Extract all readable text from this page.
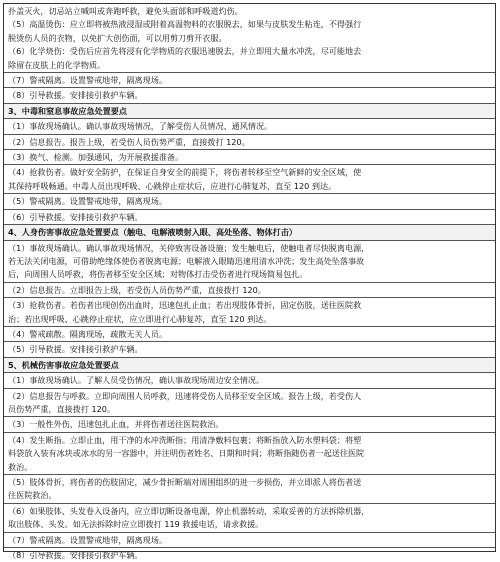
扑盖灭火，切忌站立喊叫或奔跑呼救，避免头面部和呼吸道灼伤。
（5）高温烫伤：应立即将被热液浸湿或附着高温物料的衣服脱去，如果与皮肤发生粘连，不得强行
脱烫伤人员的衣物，以免扩大创伤面，可以用剪刀剪开衣服。
（6）化学烧伤：受伤后应首先将浸有化学物质的衣服迅速脱去，并立即用大量水冲洗，尽可能地去
除留在皮肤上的化学物质。
（7）警戒隔离。设置警戒地带，隔离现场。
（8）引导救援。安排接引救护车辆。
3、中毒和窒息事故应急处置要点
（1）事故现场确认。确认事故现场情况，了解受伤人员情况、通风情况。
（2）信息报告。报告上级，若受伤人员伤势严重，直接拨打 120。
（3）换气、检测。加强通风，为开展救援准备。
（4）抢救伤者。做好安全防护，在保证自身安全的前提下，将伤者转移至空气新鲜的安全区域，使
其保持呼吸畅通。中毒人员出现呼吸、心跳停止症状后，应进行心肺复苏，直至 120 到达。
（5）警戒隔离。设置警戒地带，隔离现场。
（6）引导救援。安排接引救护车辆。
4、人身伤害事故应急处置要点（触电、电解液喷射入眼、高处坠落、物体打击）
（1）事故现场确认。确认事故现场情况，关停致害设备设施；发生触电后，使触电者尽快脱离电源，
若无法关闭电源，可借助绝缘体使伤者脱离电源；电解液入眼睛迅速用清水冲洗；发生高处坠落事故
后，向周围人员呼救，将伤者移至安全区域；对物体打击受伤者进行现场简易包扎。
（2）信息报告。立即报告上级，若受伤人员伤势严重，直接拨打 120。
（3）抢救伤者。若伤者出现创伤出血时，迅速包扎止血；若出现肢体骨折，固定伤肢，送往医院救
治；若出现呼吸、心跳停止症状，应立即进行心肺复苏，直至 120 到达。
（4）警戒疏散。隔离现场，疏散无关人员。
（5）引导救援。安排接引救护车辆。
5、机械伤害事故应急处置要点
（1）事故现场确认。了解人员受伤情况，确认事故现场周边安全情况。
（2）信息报告与呼救。立即向周围人员呼救，迅速将受伤人员移至安全区域。报告上级，若受伤人
员伤势严重，直接拨打 120。
（3）一般性外伤，迅速包扎止血，并将伤者送往医院救治。
（4）发生断指。立即止血，用干净的水冲洗断指；用清净敷料包裹；将断指放入防水塑料袋；将塑
料袋放入装有冰块或冰水的另一容器中，并注明伤者姓名、日期和时间；将断指随伤者一起送往医院
救治。
（5）肢体骨折，将伤者的伤肢固定，减少骨折断端对周围组织的进一步损伤，并立即派人将伤者送
往医院救治。
（6）如果肢体、头发卷入设备内，应立即切断设备电源，停止机器转动，采取妥善的方法拆除机器，
取出肢体、头发。如无法拆除时应立即拨打 119 救援电话，请求救援。
（7）警戒隔离。设置警戒地带，隔离现场。
（8）引导救援。安排接引救护车辆。
